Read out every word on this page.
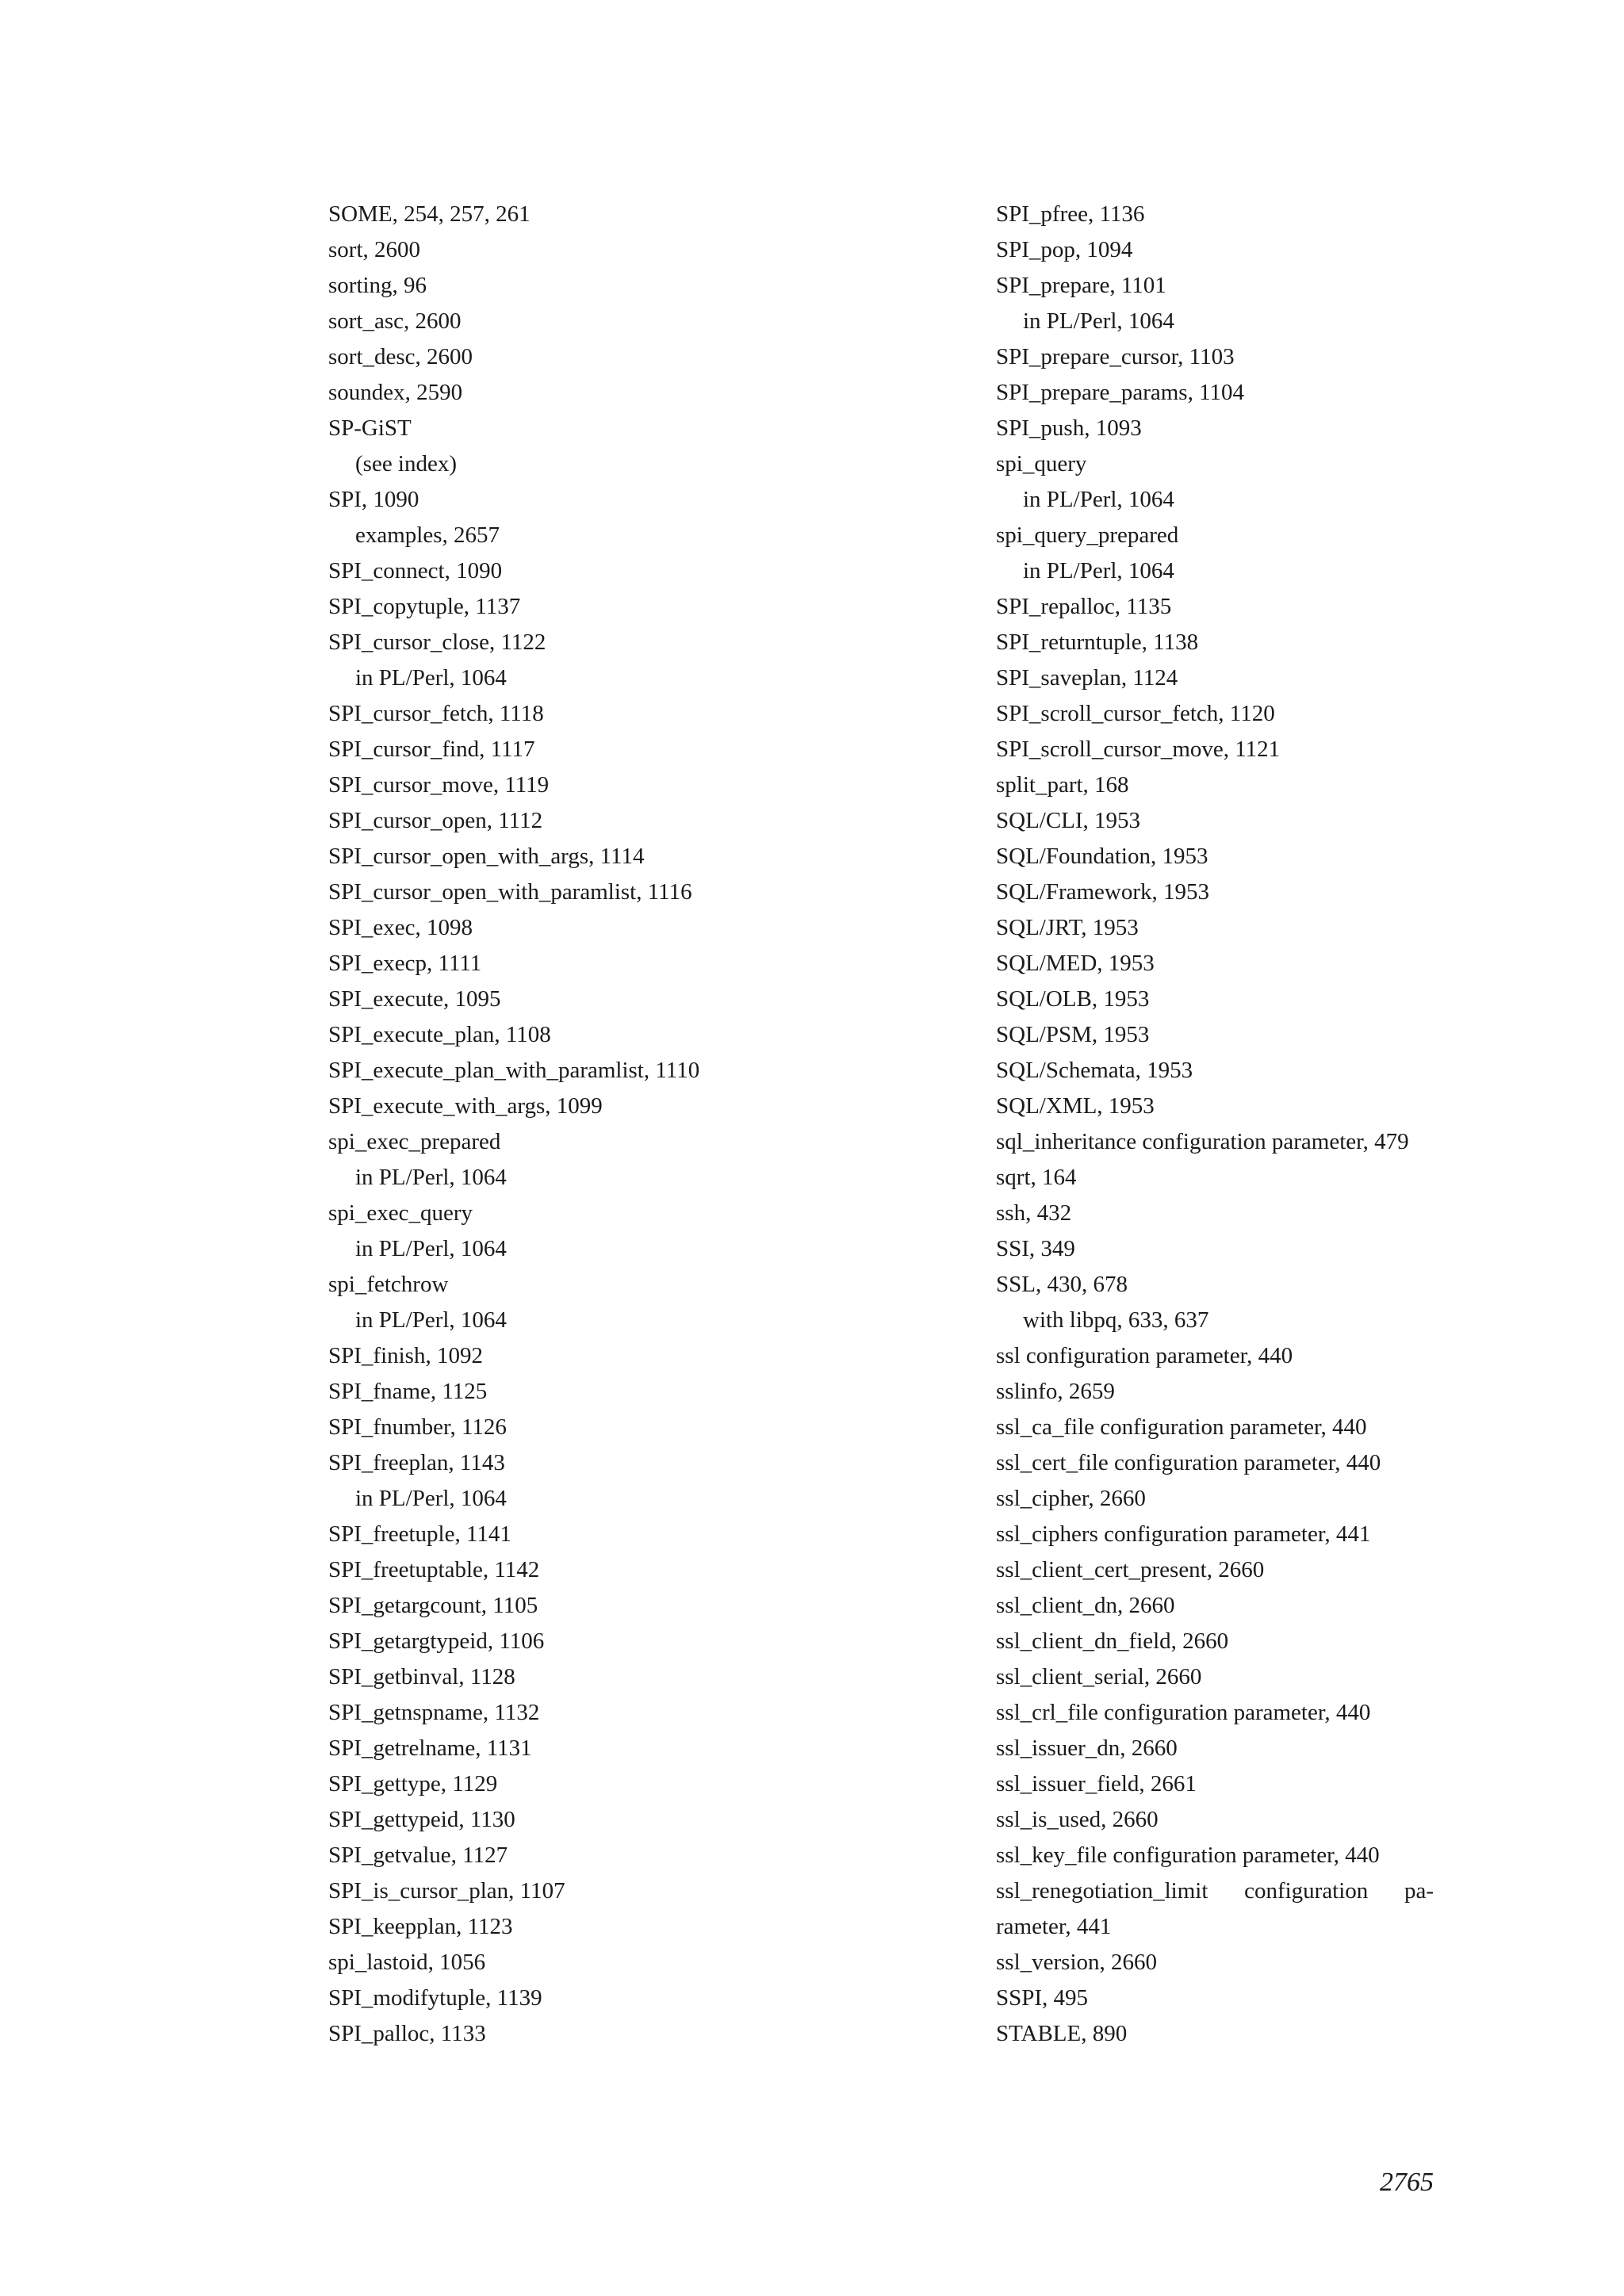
SOME, 254, 257, 261
sort, 2600
sorting, 96
sort_asc, 2600
sort_desc, 2600
soundex, 2590
SP-GiST
(see index)
SPI, 1090
examples, 2657
SPI_connect, 1090
SPI_copytuple, 1137
SPI_cursor_close, 1122
in PL/Perl, 1064
SPI_cursor_fetch, 1118
SPI_cursor_find, 1117
SPI_cursor_move, 1119
SPI_cursor_open, 1112
SPI_cursor_open_with_args, 1114
SPI_cursor_open_with_paramlist, 1116
SPI_exec, 1098
SPI_execp, 1111
SPI_execute, 1095
SPI_execute_plan, 1108
SPI_execute_plan_with_paramlist, 1110
SPI_execute_with_args, 1099
spi_exec_prepared
in PL/Perl, 1064
spi_exec_query
in PL/Perl, 1064
spi_fetchrow
in PL/Perl, 1064
SPI_finish, 1092
SPI_fname, 1125
SPI_fnumber, 1126
SPI_freeplan, 1143
in PL/Perl, 1064
SPI_freetuple, 1141
SPI_freetuptable, 1142
SPI_getargcount, 1105
SPI_getargtypeid, 1106
SPI_getbinval, 1128
SPI_getnspname, 1132
SPI_getrelname, 1131
SPI_gettype, 1129
SPI_gettypeid, 1130
SPI_getvalue, 1127
SPI_is_cursor_plan, 1107
SPI_keepplan, 1123
spi_lastoid, 1056
SPI_modifytuple, 1139
SPI_palloc, 1133
SPI_pfree, 1136
SPI_pop, 1094
SPI_prepare, 1101
in PL/Perl, 1064
SPI_prepare_cursor, 1103
SPI_prepare_params, 1104
SPI_push, 1093
spi_query
in PL/Perl, 1064
spi_query_prepared
in PL/Perl, 1064
SPI_repalloc, 1135
SPI_returntuple, 1138
SPI_saveplan, 1124
SPI_scroll_cursor_fetch, 1120
SPI_scroll_cursor_move, 1121
split_part, 168
SQL/CLI, 1953
SQL/Foundation, 1953
SQL/Framework, 1953
SQL/JRT, 1953
SQL/MED, 1953
SQL/OLB, 1953
SQL/PSM, 1953
SQL/Schemata, 1953
SQL/XML, 1953
sql_inheritance configuration parameter, 479
sqrt, 164
ssh, 432
SSI, 349
SSL, 430, 678
with libpq, 633, 637
ssl configuration parameter, 440
sslinfo, 2659
ssl_ca_file configuration parameter, 440
ssl_cert_file configuration parameter, 440
ssl_cipher, 2660
ssl_ciphers configuration parameter, 441
ssl_client_cert_present, 2660
ssl_client_dn, 2660
ssl_client_dn_field, 2660
ssl_client_serial, 2660
ssl_crl_file configuration parameter, 440
ssl_issuer_dn, 2660
ssl_issuer_field, 2661
ssl_is_used, 2660
ssl_key_file configuration parameter, 440
ssl_renegotiation_limit configuration pa-
rameter, 441
ssl_version, 2660
SSPI, 495
STABLE, 890
2765
